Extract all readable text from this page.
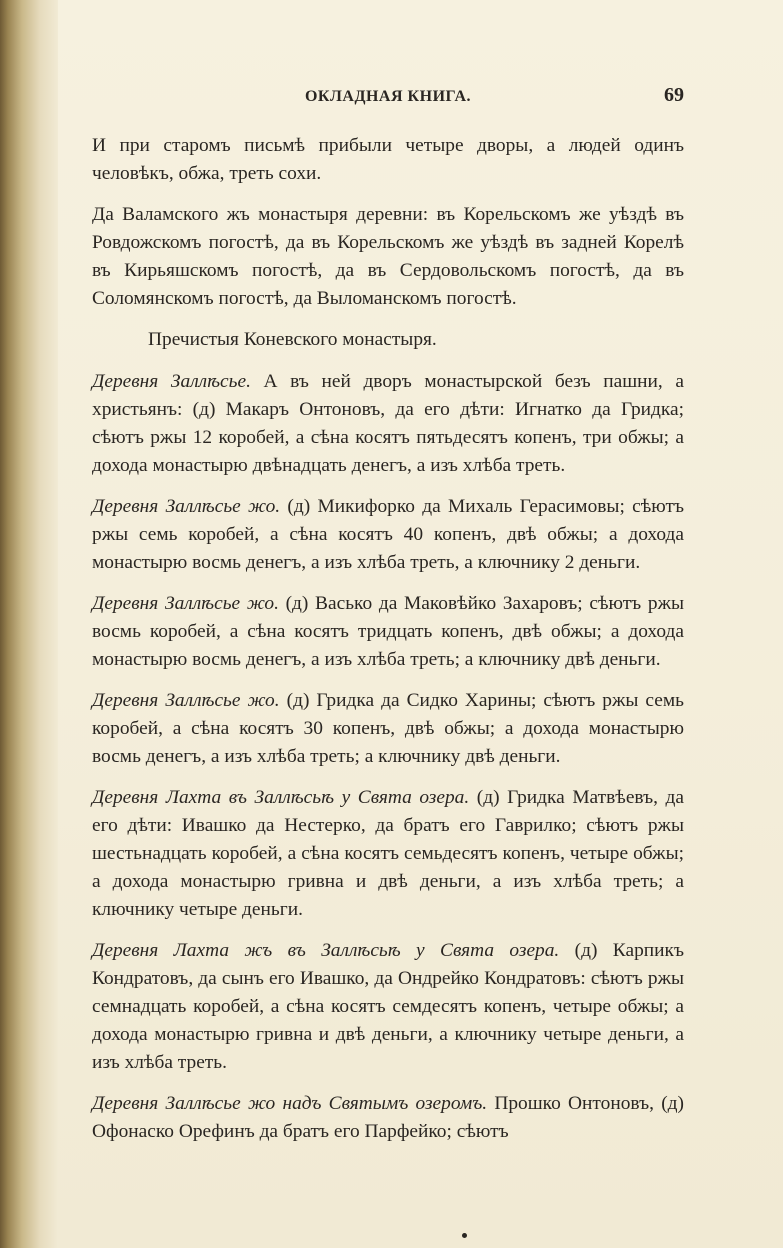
ОКЛАДНАЯ КНИГА.	69

И при старомъ письмѣ прибыли четыре дворы, а людей одинъ человѣкъ, обжа, треть сохи.

Да Валамского жъ монастыря деревни: въ Корельскомъ же уѣздѣ въ Ровдожскомъ погостѣ, да въ Корельскомъ же уѣздѣ въ задней Корелѣ въ Кирьяшскомъ погостѣ, да въ Сердовольскомъ погостѣ, да въ Соломянскомъ погостѣ, да Выломанскомъ погостѣ.

Пречистыя Коневского монастыря.

Деревня Заллѣсье. А въ ней дворъ монастырской безъ пашни, а христьянъ: (д) Макаръ Онтоновъ, да его дѣти: Игнатко да Гридка; сѣютъ ржы 12 коробей, а сѣна косятъ пятьдесятъ копенъ, три обжы; а дохода монастырю двѣнадцать денегъ, а изъ хлѣба треть.

Деревня Заллѣсье жо. (д) Микифорко да Михаль Герасимовы; сѣютъ ржы семь коробей, а сѣна косятъ 40 копенъ, двѣ обжы; а дохода монастырю восмь денегъ, а изъ хлѣба треть, а ключнику 2 деньги.

Деревня Заллѣсье жо. (д) Васько да Маковѣйко Захаровъ; сѣютъ ржы восмь коробей, а сѣна косятъ тридцать копенъ, двѣ обжы; а дохода монастырю восмь денегъ, а изъ хлѣба треть; а ключнику двѣ деньги.

Деревня Заллѣсье жо. (д) Гридка да Сидко Харины; сѣютъ ржы семь коробей, а сѣна косятъ 30 копенъ, двѣ обжы; а дохода монастырю восмь денегъ, а изъ хлѣба треть; а ключнику двѣ деньги.

Деревня Лахта въ Заллѣсьѣ у Свята озера. (д) Гридка Матвѣевъ, да его дѣти: Ивашко да Нестерко, да братъ его Гаврилко; сѣютъ ржы шестьнадцать коробей, а сѣна косятъ семьдесятъ копенъ, четыре обжы; а дохода монастырю гривна и двѣ деньги, а изъ хлѣба треть; а ключнику четыре деньги.

Деревня Лахта жъ въ Заллѣсьѣ у Свята озера. (д) Карпикъ Кондратовъ, да сынъ его Ивашко, да Ондрейко Кондратовъ: сѣютъ ржы семнадцать коробей, а сѣна косятъ семдесятъ копенъ, четыре обжы; а дохода монастырю гривна и двѣ деньги, а ключнику четыре деньги, а изъ хлѣба треть.

Деревня Заллѣсье жо надъ Святымъ озеромъ. Прошко Онтоновъ, (д) Офонаско Орефинъ да братъ его Парфейко; сѣютъ
